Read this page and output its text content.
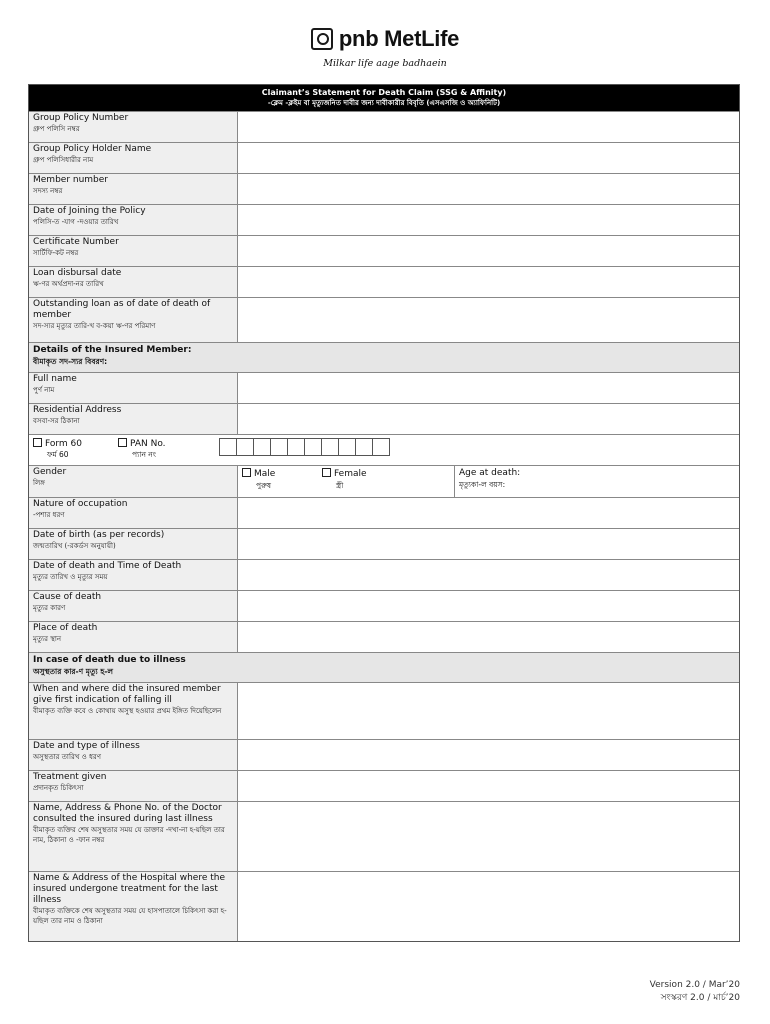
pnb MetLife
Milkar life aage badhaein
Claimant’s Statement for Death Claim (SSG & Affinity)
-ক্লেম -ক্লইম বা মৃত্যুজনিত দাবীর জন্য দাবীকারীর বিবৃতি (এসএসজি ও অ্যাফিনিটি)
Group Policy Number
গ্রুপ পলিসি নম্বর
Group Policy Holder Name
গ্রুপ পলিসিধারীর নাম
Member number
সদস্য নম্বর
Date of Joining the Policy
পলিসি-ত -যাগ -দওয়ার তারিখ
Certificate Number
সার্টিফি-কট নম্বর
Loan disbursal date
ঋ-ণর অর্থপ্রদা-নর তারিখ
Outstanding loan as of date of death of member
সদ-স্যর মৃত্যুর তারি-খ ব-কয়া ঋ-ণর পরিমাণ
Details of the Insured Member:
বীমাকৃত সদ-স্যর বিবরণ:
Full name
পুর্ণ নাম
Residential Address
বসবা-সর ঠিকানা
Form 60
ফর্ম 60
PAN No.
প্যান নং
Gender
লিঙ্গ
Male
পুরুষ
Female
স্ত্রী
Age at death:
মৃত্যুকা-ল বয়স:
Nature of occupation
-পশার ধরণ
Date of birth (as per records)
জন্মতারিখ (-রকর্ডস অনুযায়ী)
Date of death and Time of Death
মৃত্যুর তারিখ ও মৃত্যুর সময়
Cause of death
মৃত্যুর কারণ
Place of death
মৃত্যুর স্থান
In case of death due to illness
অসুস্থতার কার-ণ মৃত্যু হ-ল
When and where did the insured member give first indication of falling ill
বীমাকৃত ব্যক্তি কবে ও কোথায় অসুস্থ হওয়ার প্রথম ইঙ্গিত দিয়েছিলেন
Date and type of illness
অসুস্থতার তারিখ ও ধরণ
Treatment given
প্রদানকৃত চিকিৎসা
Name, Address & Phone No. of the Doctor consulted the insured during last illness
বীমাকৃত ব্যক্তির শেষ অসুস্থতার সময় যে ডাক্তার -দখা-না হ-য়ছিল তার নাম, ঠিকানা ও -ফান নম্বর
Name & Address of the Hospital where the insured undergone treatment for the last illness
বীমাকৃত ব্যক্তিকে শেষ অসুস্থতার সময় যে হাসপাতালে চিকিৎসা করা হ-য়ছিল তার নাম ও ঠিকানা
Version 2.0 / Mar’20
সংস্করণ 2.0 / মার্চ’20
